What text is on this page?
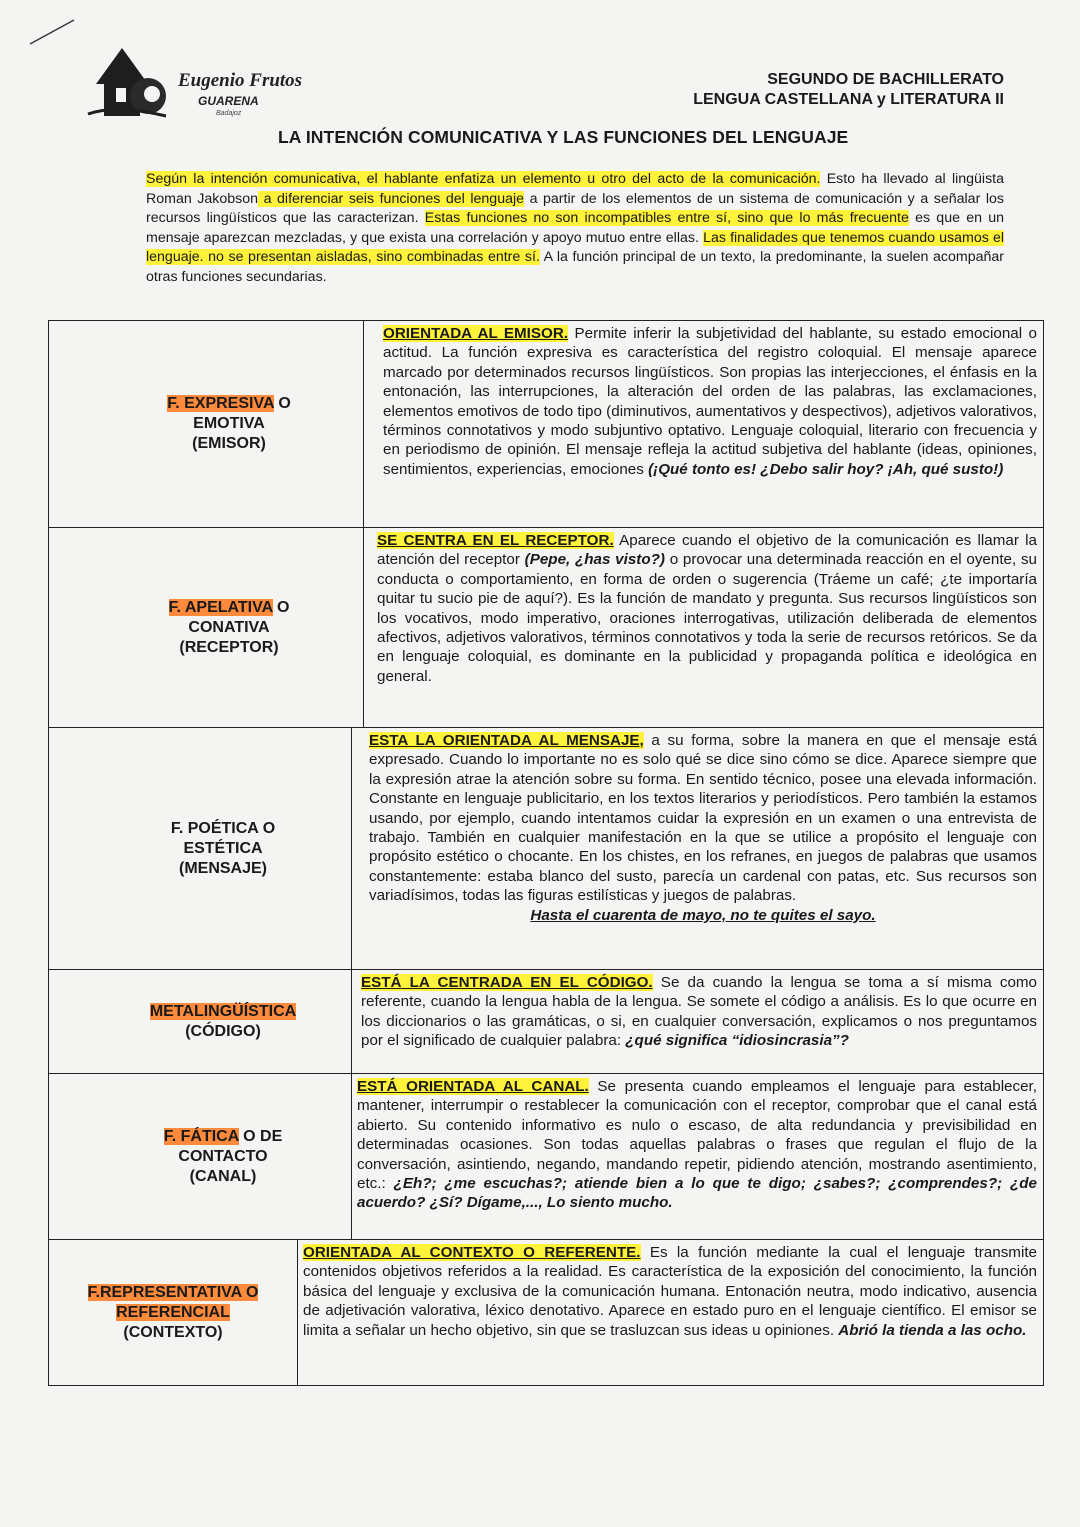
Eugenio Frutos
GUARENA
Badajoz
SEGUNDO DE BACHILLERATO
LENGUA CASTELLANA y LITERATURA II
LA INTENCIÓN COMUNICATIVA Y LAS FUNCIONES DEL LENGUAJE
Según la intención comunicativa, el hablante enfatiza un elemento u otro del acto de la comunicación. Esto ha llevado al lingüista Roman Jakobson a diferenciar seis funciones del lenguaje a partir de los elementos de un sistema de comunicación y a señalar los recursos lingüísticos que las caracterizan. Estas funciones no son incompatibles entre sí, sino que lo más frecuente es que en un mensaje aparezcan mezcladas, y que exista una correlación y apoyo mutuo entre ellas. Las finalidades que tenemos cuando usamos el lenguaje. no se presentan aisladas, sino combinadas entre sí. A la función principal de un texto, la predominante, la suelen acompañar otras funciones secundarias.
F. EXPRESIVA O
EMOTIVA
(EMISOR)
ORIENTADA AL EMISOR. Permite inferir la subjetividad del hablante, su estado emocional o actitud. La función expresiva es característica del registro coloquial. El mensaje aparece marcado por determinados recursos lingüísticos. Son propias las interjecciones, el énfasis en la entonación, las interrupciones, la alteración del orden de las palabras, las exclamaciones, elementos emotivos de todo tipo (diminutivos, aumentativos y despectivos), adjetivos valorativos, términos connotativos y modo subjuntivo optativo. Lenguaje coloquial, literario con frecuencia y en periodismo de opinión. El mensaje refleja la actitud subjetiva del hablante (ideas, opiniones, sentimientos, experiencias, emociones (¡Qué tonto es! ¿Debo salir hoy? ¡Ah, qué susto!)
F. APELATIVA O
CONATIVA
(RECEPTOR)
SE CENTRA EN EL RECEPTOR. Aparece cuando el objetivo de la comunicación es llamar la atención del receptor (Pepe, ¿has visto?) o provocar una determinada reacción en el oyente, su conducta o comportamiento, en forma de orden o sugerencia (Tráeme un café; ¿te importaría quitar tu sucio pie de aquí?). Es la función de mandato y pregunta. Sus recursos lingüísticos son los vocativos, modo imperativo, oraciones interrogativas, utilización deliberada de elementos afectivos, adjetivos valorativos, términos connotativos y toda la serie de recursos retóricos. Se da en lenguaje coloquial, es dominante en la publicidad y propaganda política e ideológica en general.
F. POÉTICA O
ESTÉTICA
(MENSAJE)
ESTA LA ORIENTADA AL MENSAJE, a su forma, sobre la manera en que el mensaje está expresado. Cuando lo importante no es solo qué se dice sino cómo se dice. Aparece siempre que la expresión atrae la atención sobre su forma. En sentido técnico, posee una elevada información. Constante en lenguaje publicitario, en los textos literarios y periodísticos. Pero también la estamos usando, por ejemplo, cuando intentamos cuidar la expresión en un examen o una entrevista de trabajo. También en cualquier manifestación en la que se utilice a propósito el lenguaje con propósito estético o chocante. En los chistes, en los refranes, en juegos de palabras que usamos constantemente: estaba blanco del susto, parecía un cardenal con patas, etc. Sus recursos son variadísimos, todas las figuras estilísticas y juegos de palabras.
Hasta el cuarenta de mayo, no te quites el sayo.
METALINGÜÍSTICA
(CÓDIGO)
ESTÁ LA CENTRADA EN EL CÓDIGO. Se da cuando la lengua se toma a sí misma como referente, cuando la lengua habla de la lengua. Se somete el código a análisis. Es lo que ocurre en los diccionarios o las gramáticas, o si, en cualquier conversación, explicamos o nos preguntamos por el significado de cualquier palabra: ¿qué significa “idiosincrasia”?
F. FÁTICA O DE
CONTACTO
(CANAL)
ESTÁ ORIENTADA AL CANAL. Se presenta cuando empleamos el lenguaje para establecer, mantener, interrumpir o restablecer la comunicación con el receptor, comprobar que el canal está abierto. Su contenido informativo es nulo o escaso, de alta redundancia y previsibilidad en determinadas ocasiones. Son todas aquellas palabras o frases que regulan el flujo de la conversación, asintiendo, negando, mandando repetir, pidiendo atención, mostrando asentimiento, etc.: ¿Eh?; ¿me escuchas?; atiende bien a lo que te digo; ¿sabes?; ¿comprendes?; ¿de acuerdo? ¿Sí? Dígame,..., Lo siento mucho.
F.REPRESENTATIVA O
REFERENCIAL
(CONTEXTO)
ORIENTADA AL CONTEXTO O REFERENTE. Es la función mediante la cual el lenguaje transmite contenidos objetivos referidos a la realidad. Es característica de la exposición del conocimiento, la función básica del lenguaje y exclusiva de la comunicación humana. Entonación neutra, modo indicativo, ausencia de adjetivación valorativa, léxico denotativo. Aparece en estado puro en el lenguaje científico. El emisor se limita a señalar un hecho objetivo, sin que se trasluzcan sus ideas u opiniones. Abrió la tienda a las ocho.
